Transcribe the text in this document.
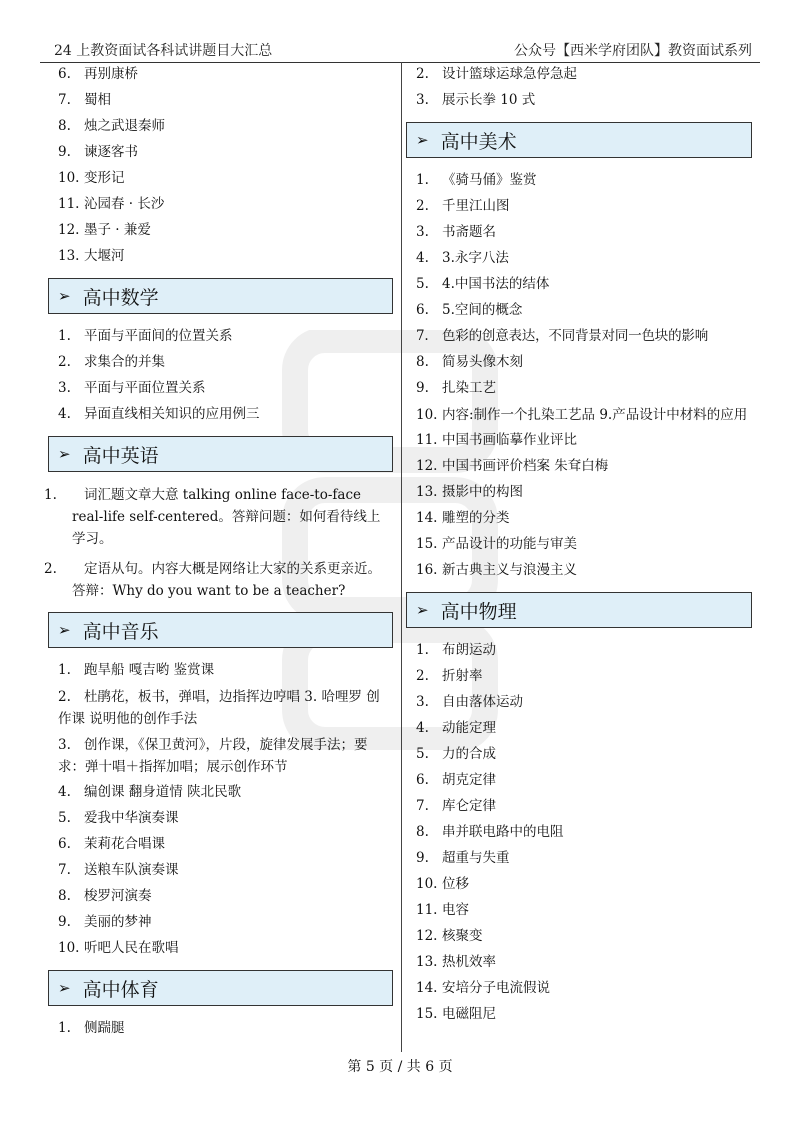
24 上教资面试各科试讲题目大汇总	公众号【西米学府团队】教资面试系列
6. 再别康桥
7. 蜀相
8. 烛之武退秦师
9. 谏逐客书
10. 变形记
11. 沁园春 · 长沙
12. 墨子 · 兼爱
13. 大堰河
➢ 高中数学
1. 平面与平面间的位置关系
2. 求集合的并集
3. 平面与平面位置关系
4. 异面直线相关知识的应用例三
➢ 高中英语
1. 词汇题文章大意 talking online face-to-face real-life self-centered。答辩问题：如何看待线上学习。
2. 定语从句。内容大概是网络让大家的关系更亲近。答辩：Why do you want to be a teacher?
➢ 高中音乐
1. 跑旱船 嘎吉哟 鉴赏课
2. 杜鹃花，板书，弹唱，边指挥边哼唱 3. 哈哩罗 创作课 说明他的创作手法
3. 创作课，《保卫黄河》，片段，旋律发展手法；要求：弹十唱＋指挥加唱；展示创作环节
4. 编创课 翻身道情 陕北民歌
5. 爱我中华演奏课
6. 茉莉花合唱课
7. 送粮车队演奏课
8. 梭罗河演奏
9. 美丽的梦神
10. 听吧人民在歌唱
➢ 高中体育
1. 侧踹腿
2. 设计篮球运球急停急起
3. 展示长拳 10 式
➢ 高中美术
1. 《骑马俑》鉴赏
2. 千里江山图
3. 书斋题名
4. 3.永字八法
5. 4.中国书法的结体
6. 5.空间的概念
7. 色彩的创意表达，不同背景对同一色块的影响
8. 简易头像木刻
9. 扎染工艺
10. 内容:制作一个扎染工艺品 9.产品设计中材料的应用
11. 中国书画临摹作业评比
12. 中国书画评价档案 朱耷白梅
13. 摄影中的构图
14. 雕塑的分类
15. 产品设计的功能与审美
16. 新古典主义与浪漫主义
➢ 高中物理
1. 布朗运动
2. 折射率
3. 自由落体运动
4. 动能定理
5. 力的合成
6. 胡克定律
7. 库仑定律
8. 串并联电路中的电阻
9. 超重与失重
10. 位移
11. 电容
12. 核聚变
13. 热机效率
14. 安培分子电流假说
15. 电磁阻尼
第 5 页 / 共 6 页
